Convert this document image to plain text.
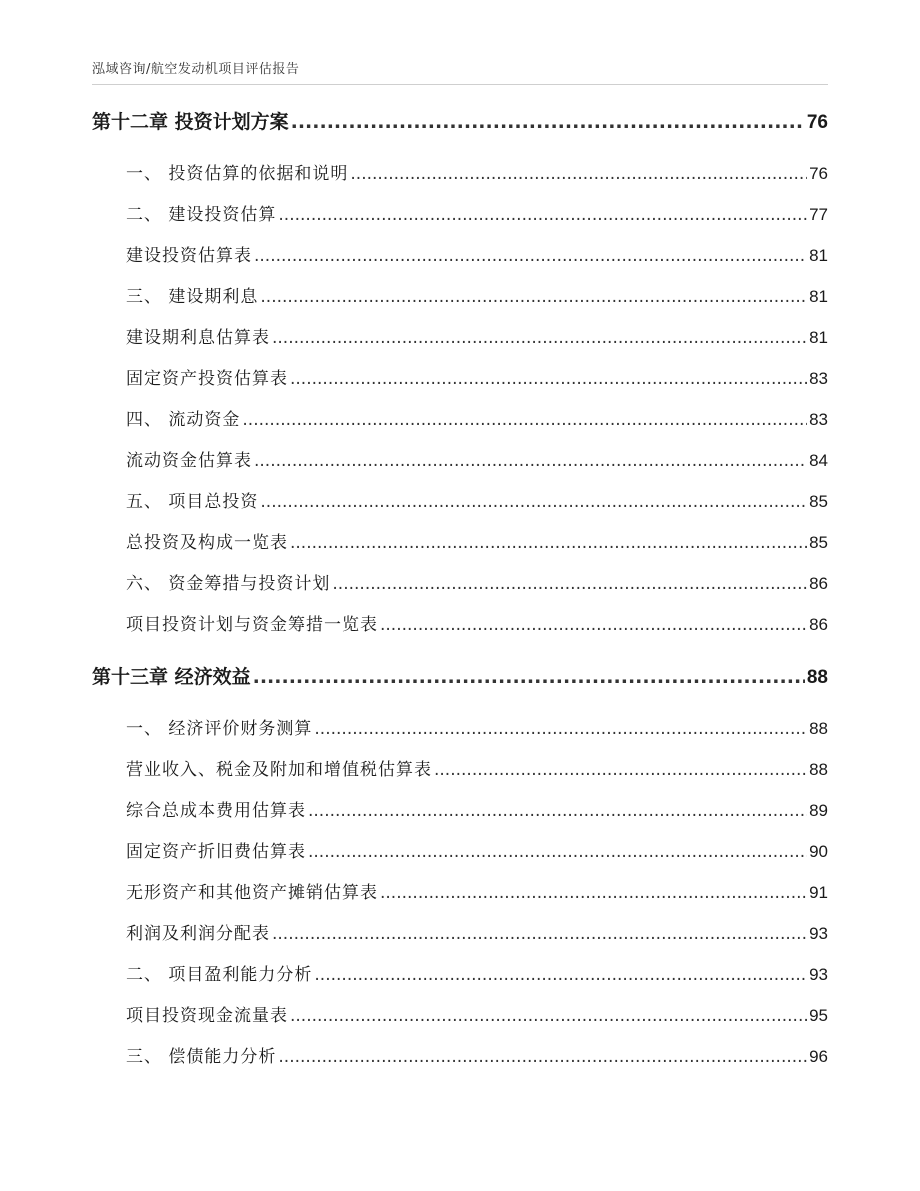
泓域咨询/航空发动机项目评估报告
第十二章 投资计划方案 .....	76
一、 投资估算的依据和说明 .....	76
二、 建设投资估算 .....	77
建设投资估算表 .....	81
三、 建设期利息 .....	81
建设期利息估算表 .....	81
固定资产投资估算表 .....	83
四、 流动资金 .....	83
流动资金估算表 .....	84
五、 项目总投资 .....	85
总投资及构成一览表 .....	85
六、 资金筹措与投资计划 .....	86
项目投资计划与资金筹措一览表 .....	86
第十三章 经济效益 .....	88
一、 经济评价财务测算 .....	88
营业收入、税金及附加和增值税估算表 .....	88
综合总成本费用估算表 .....	89
固定资产折旧费估算表 .....	90
无形资产和其他资产摊销估算表 .....	91
利润及利润分配表 .....	93
二、 项目盈利能力分析 .....	93
项目投资现金流量表 .....	95
三、 偿债能力分析 .....	96
